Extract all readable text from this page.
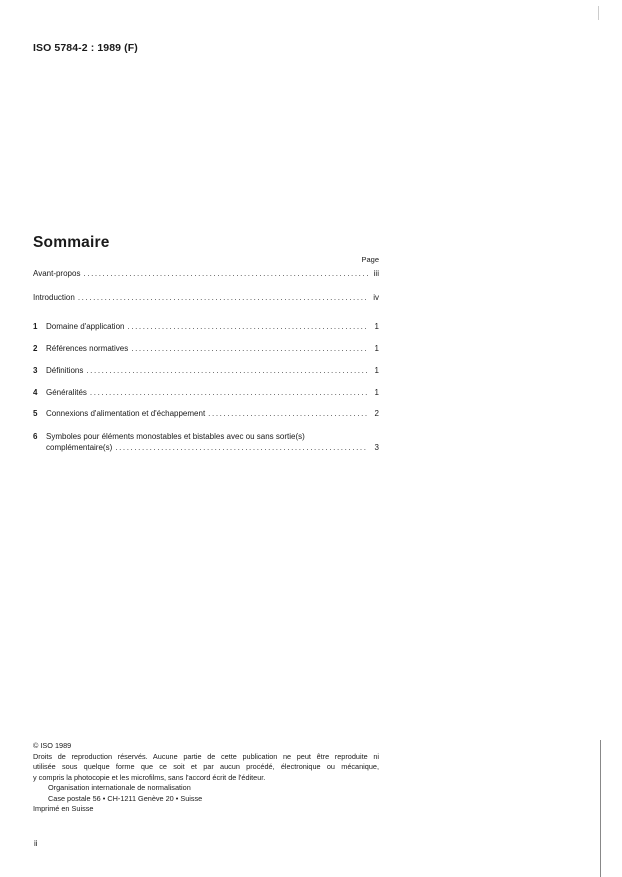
ISO 5784-2 : 1989 (F)
Sommaire
Page
Avant-propos .....	iii
Introduction .....	iv
1	Domaine d'application .....	1
2	Références normatives .....	1
3	Définitions .....	1
4	Généralités .....	1
5	Connexions d'alimentation et d'échappement .....	2
6	Symboles pour éléments monostables et bistables avec ou sans sortie(s)
complémentaire(s) .....	3
© ISO 1989
Droits de reproduction réservés. Aucune partie de cette publication ne peut être reproduite ni
utilisée sous quelque forme que ce soit et par aucun procédé, électronique ou mécanique,
y compris la photocopie et les microfilms, sans l'accord écrit de l'éditeur.
Organisation internationale de normalisation
Case postale 56 • CH-1211 Genève 20 • Suisse
Imprimé en Suisse
ii
